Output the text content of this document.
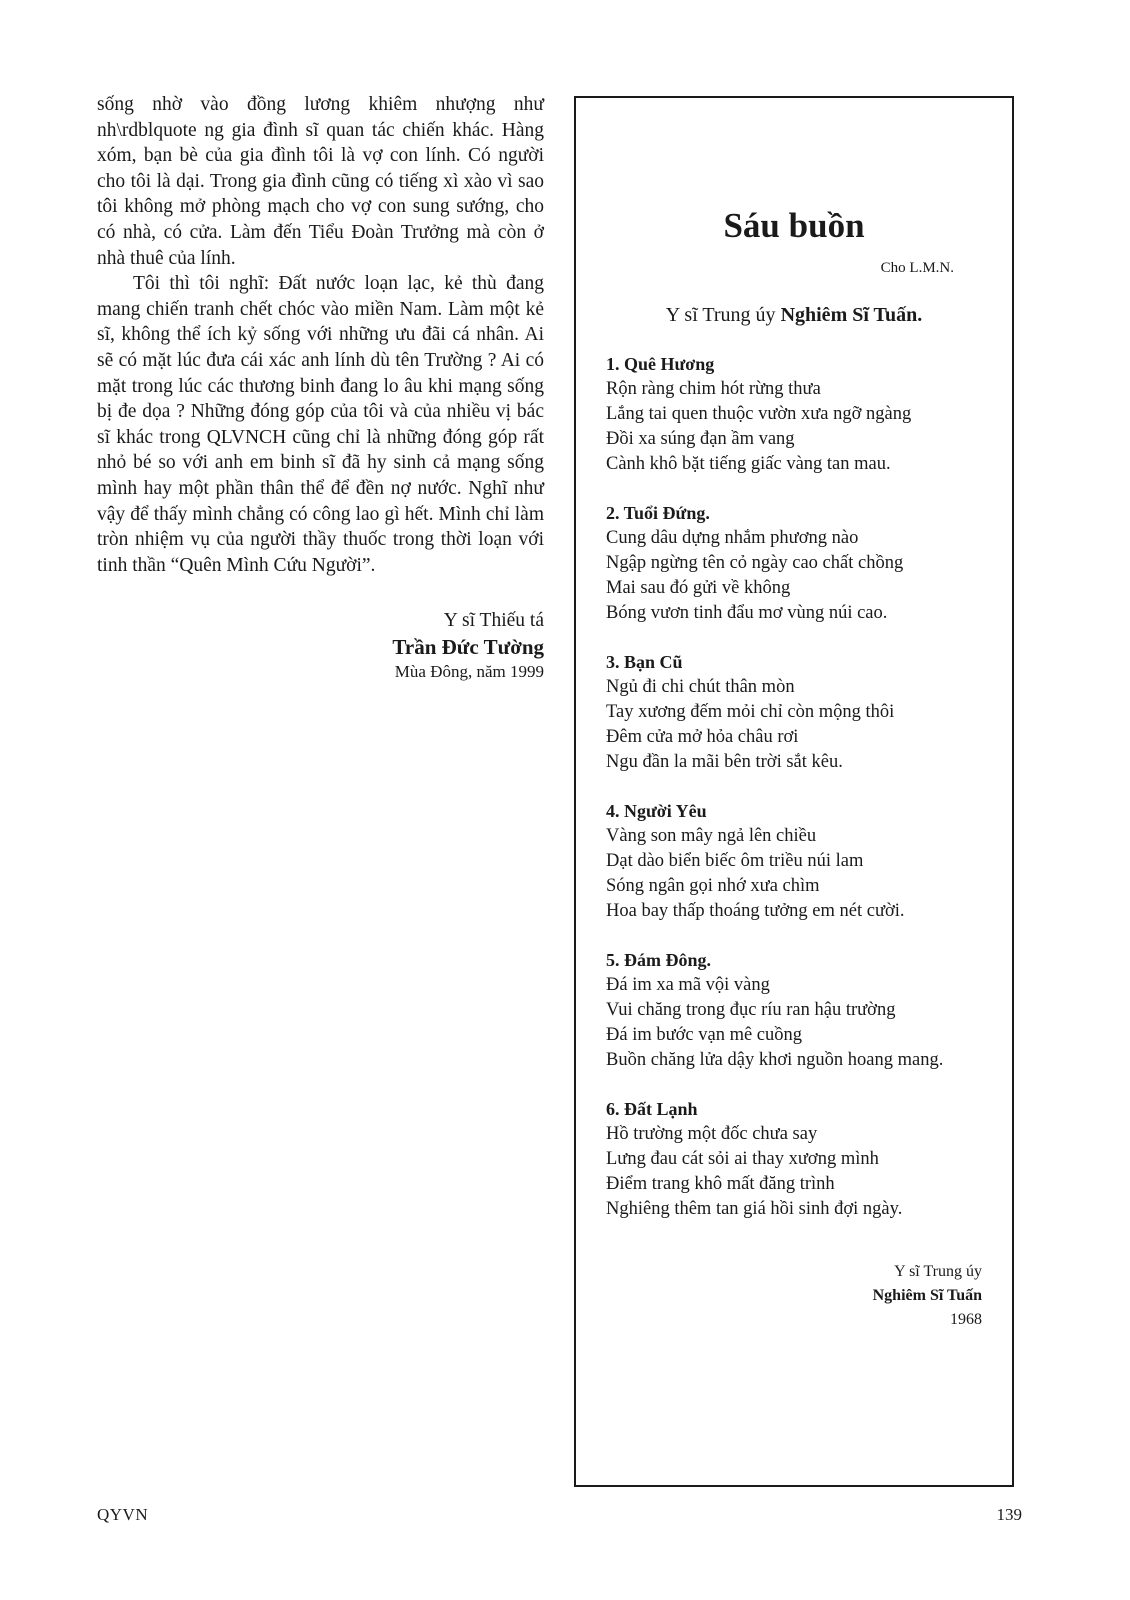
sống nhờ vào đồng lương khiêm nhượng như nh\rdblquote ng gia đình sĩ quan tác chiến khác. Hàng xóm, bạn bè của gia đình tôi là vợ con lính. Có người cho tôi là dại. Trong gia đình cũng có tiếng xì xào vì sao tôi không mở phòng mạch cho vợ con sung sướng, cho có nhà, có cửa. Làm đến Tiểu Đoàn Trưởng mà còn ở nhà thuê của lính.

Tôi thì tôi nghĩ: Đất nước loạn lạc, kẻ thù đang mang chiến tranh chết chóc vào miền Nam. Làm một kẻ sĩ, không thể ích kỷ sống với những ưu đãi cá nhân. Ai sẽ có mặt lúc đưa cái xác anh lính dù tên Trường ? Ai có mặt trong lúc các thương binh đang lo âu khi mạng sống bị đe dọa ? Những đóng góp của tôi và của nhiều vị bác sĩ khác trong QLVNCH cũng chỉ là những đóng góp rất nhỏ bé so với anh em binh sĩ đã hy sinh cả mạng sống mình hay một phần thân thể để đền nợ nước. Nghĩ như vậy để thấy mình chẳng có công lao gì hết. Mình chỉ làm tròn nhiệm vụ của người thầy thuốc trong thời loạn với tinh thần “Quên Mình Cứu Người”.

Y sĩ Thiếu tá
Trần Đức Tường
Mùa Đông, năm 1999
Sáu buồn
Cho L.M.N.
Y sĩ Trung úy Nghiêm Sĩ Tuấn.
1. Quê Hương
Rộn ràng chim hót rừng thưa
Lắng tai quen thuộc vườn xưa ngỡ ngàng
Đồi xa súng đạn ầm vang
Cành khô bặt tiếng giấc vàng tan mau.
2. Tuổi Đứng.
Cung dâu dựng nhắm phương nào
Ngập ngừng tên cỏ ngày cao chất chồng
Mai sau đó gửi về không
Bóng vươn tinh đẩu mơ vùng núi cao.
3. Bạn Cũ
Ngủ đi chi chút thân mòn
Tay xương đếm mỏi chỉ còn mộng thôi
Đêm cửa mở hỏa châu rơi
Ngu đần la mãi bên trời sắt kêu.
4. Người Yêu
Vàng son mây ngả lên chiều
Dạt dào biển biếc ôm triều núi lam
Sóng ngân gọi nhớ xưa chìm
Hoa bay thấp thoáng tưởng em nét cười.
5. Đám Đông.
Đá im xa mã vội vàng
Vui chăng trong đục ríu ran hậu trường
Đá im bước vạn mê cuồng
Buồn chăng lửa dậy khơi nguồn hoang mang.
6. Đất Lạnh
Hồ trường một đốc chưa say
Lưng đau cát sỏi ai thay xương mình
Điểm trang khô mất đăng trình
Nghiêng thêm tan giá hồi sinh đợi ngày.
Y sĩ Trung úy
Nghiêm Sĩ Tuấn
1968
QYVN	139
